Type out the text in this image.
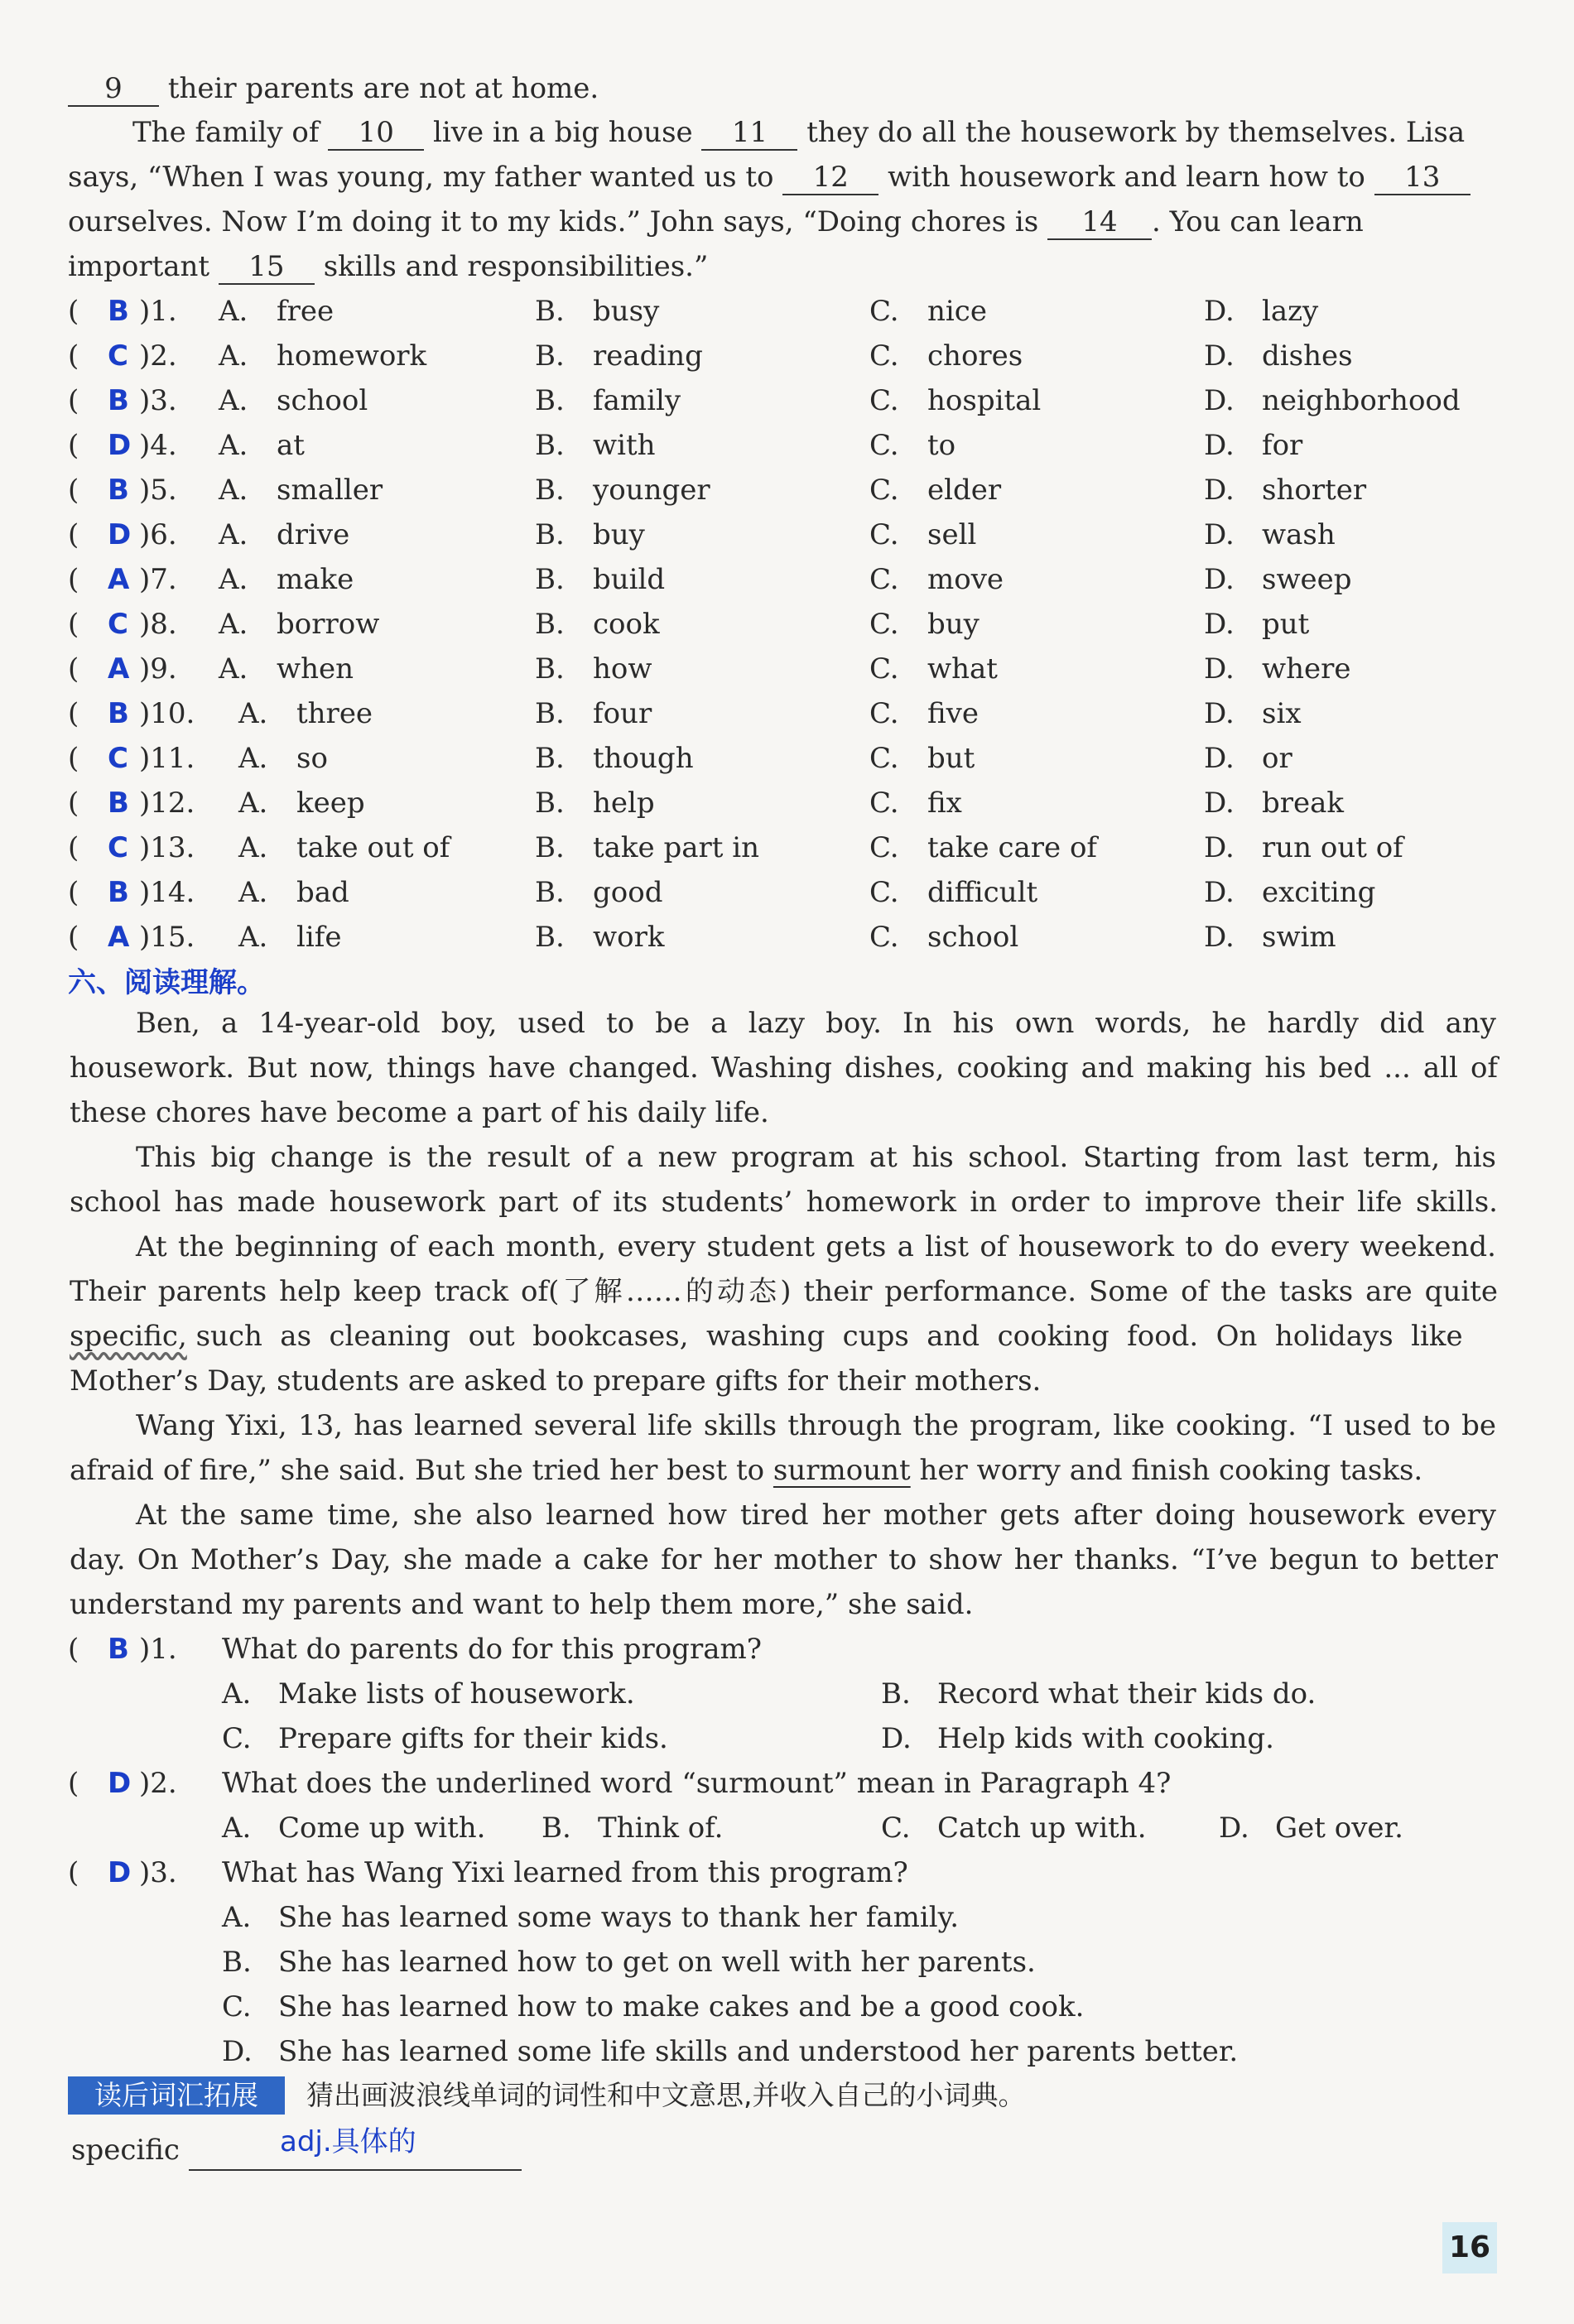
9 their parents are not at home.
The family of 10 live in a big house 11 they do all the housework by themselves. Lisa
says, “When I was young, my father wanted us to 12 with housework and learn how to 13
ourselves. Now I’m doing it to my kids.” John says, “Doing chores is 14 . You can learn
important 15 skills and responsibilities.”
( B )1. A. free	B. busy	C. nice	D. lazy
( C )2. A. homework	B. reading	C. chores	D. dishes
( B )3. A. school	B. family	C. hospital	D. neighborhood
( D )4. A. at	B. with	C. to	D. for
( B )5. A. smaller	B. younger	C. elder	D. shorter
( D )6. A. drive	B. buy	C. sell	D. wash
( A )7. A. make	B. build	C. move	D. sweep
( C )8. A. borrow	B. cook	C. buy	D. put
( A )9. A. when	B. how	C. what	D. where
( B )10. A. three	B. four	C. five	D. six
( C )11. A. so	B. though	C. but	D. or
( B )12. A. keep	B. help	C. fix	D. break
( C )13. A. take out of	B. take part in	C. take care of	D. run out of
( B )14. A. bad	B. good	C. difficult	D. exciting
( A )15. A. life	B. work	C. school	D. swim
六、阅读理解。
Ben, a 14-year-old boy, used to be a lazy boy. In his own words, he hardly did any
housework. But now, things have changed. Washing dishes, cooking and making his bed ... all of
these chores have become a part of his daily life.
This big change is the result of a new program at his school. Starting from last term, his
school has made housework part of its students’ homework in order to improve their life skills.
At the beginning of each month, every student gets a list of housework to do every weekend.
Their parents help keep track of(了解……的动态) their performance. Some of the tasks are quite
specific, such as cleaning out bookcases, washing cups and cooking food. On holidays like
Mother’s Day, students are asked to prepare gifts for their mothers.
Wang Yixi, 13, has learned several life skills through the program, like cooking. “I used to be
afraid of fire,” she said. But she tried her best to surmount her worry and finish cooking tasks.
At the same time, she also learned how tired her mother gets after doing housework every
day. On Mother’s Day, she made a cake for her mother to show her thanks. “I’ve begun to better
understand my parents and want to help them more,” she said.
( B )1. What do parents do for this program?
A. Make lists of housework.	B. Record what their kids do.
C. Prepare gifts for their kids.	D. Help kids with cooking.
( D )2. What does the underlined word “surmount” mean in Paragraph 4?
A. Come up with. B. Think of.	C. Catch up with.	D. Get over.
( D )3. What has Wang Yixi learned from this program?
A. She has learned some ways to thank her family.
B. She has learned how to get on well with her parents.
C. She has learned how to make cakes and be a good cook.
D. She has learned some life skills and understood her parents better.
读后词汇拓展	猜出画波浪线单词的词性和中文意思,并收入自己的小词典。
specific	adj.具体的
16
